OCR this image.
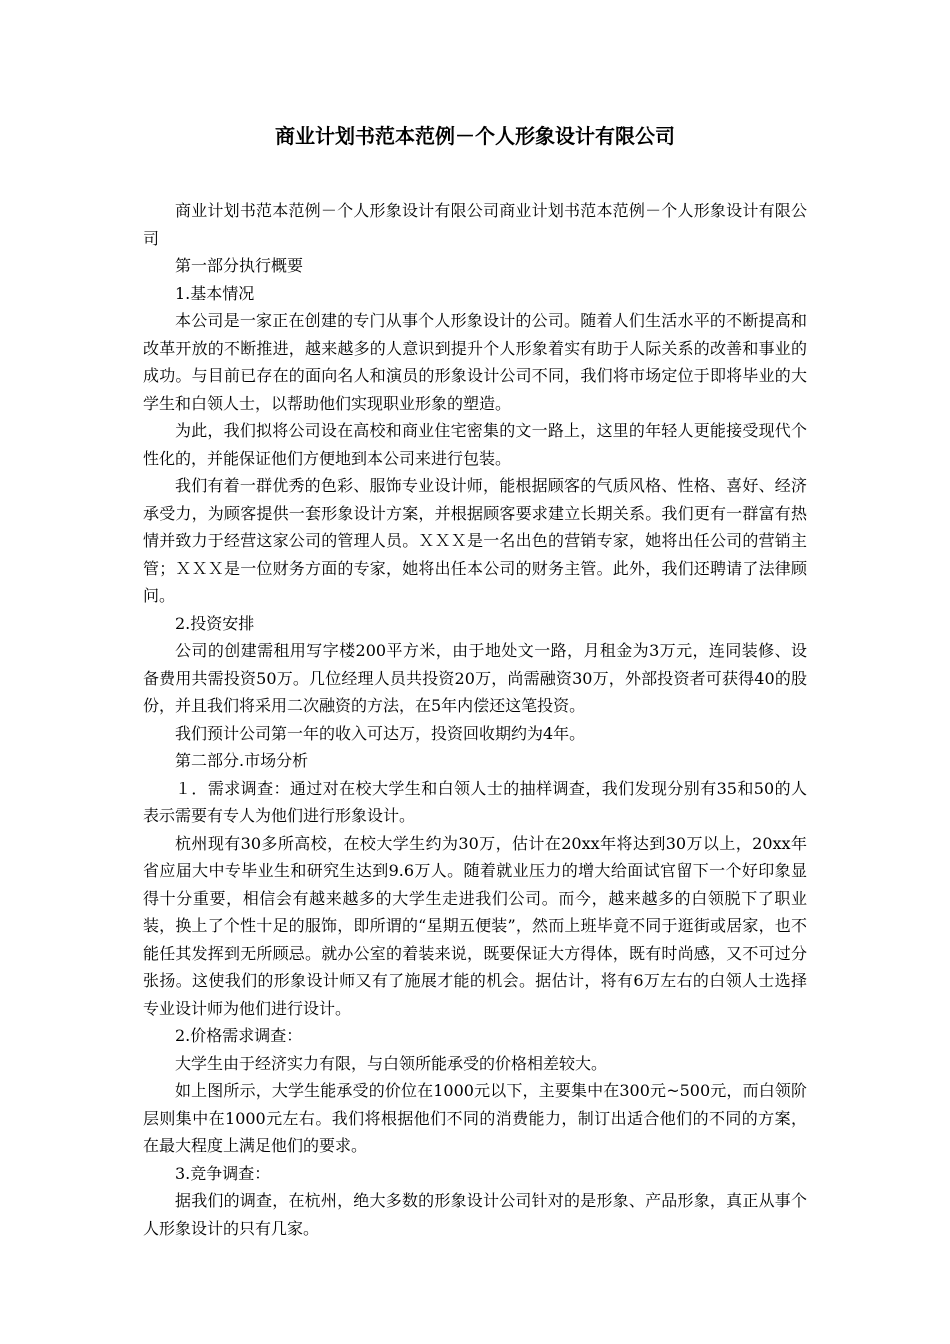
商业计划书范本范例－个人形象设计有限公司

商业计划书范本范例－个人形象设计有限公司商业计划书范本范例－个人形象设计有限公司

第一部分执行概要

1.基本情况

本公司是一家正在创建的专门从事个人形象设计的公司。随着人们生活水平的不断提高和改革开放的不断推进，越来越多的人意识到提升个人形象着实有助于人际关系的改善和事业的成功。与目前已存在的面向名人和演员的形象设计公司不同，我们将市场定位于即将毕业的大学生和白领人士，以帮助他们实现职业形象的塑造。

为此，我们拟将公司设在高校和商业住宅密集的文一路上，这里的年轻人更能接受现代个性化的，并能保证他们方便地到本公司来进行包装。

我们有着一群优秀的色彩、服饰专业设计师，能根据顾客的气质风格、性格、喜好、经济承受力，为顾客提供一套形象设计方案，并根据顾客要求建立长期关系。我们更有一群富有热情并致力于经营这家公司的管理人员。ＸＸＸ是一名出色的营销专家，她将出任公司的营销主管；ＸＸＸ是一位财务方面的专家，她将出任本公司的财务主管。此外，我们还聘请了法律顾问。

2.投资安排

公司的创建需租用写字楼200平方米，由于地处文一路，月租金为3万元，连同装修、设备费用共需投资50万。几位经理人员共投资20万，尚需融资30万，外部投资者可获得40的股份，并且我们将采用二次融资的方法，在5年内偿还这笔投资。

我们预计公司第一年的收入可达万，投资回收期约为4年。

第二部分.市场分析

１．需求调查：通过对在校大学生和白领人士的抽样调查，我们发现分别有35和50的人表示需要有专人为他们进行形象设计。

杭州现有30多所高校，在校大学生约为30万，估计在20xx年将达到30万以上，20xx年省应届大中专毕业生和研究生达到9.6万人。随着就业压力的增大给面试官留下一个好印象显得十分重要，相信会有越来越多的大学生走进我们公司。而今，越来越多的白领脱下了职业装，换上了个性十足的服饰，即所谓的“星期五便装”，然而上班毕竟不同于逛街或居家，也不能任其发挥到无所顾忌。就办公室的着装来说，既要保证大方得体，既有时尚感，又不可过分张扬。这使我们的形象设计师又有了施展才能的机会。据估计，将有6万左右的白领人士选择专业设计师为他们进行设计。

2.价格需求调查：

大学生由于经济实力有限，与白领所能承受的价格相差较大。

如上图所示，大学生能承受的价位在1000元以下，主要集中在300元~500元，而白领阶层则集中在1000元左右。我们将根据他们不同的消费能力，制订出适合他们的不同的方案，在最大程度上满足他们的要求。

3.竞争调查：

据我们的调查，在杭州，绝大多数的形象设计公司针对的是形象、产品形象，真正从事个人形象设计的只有几家。
